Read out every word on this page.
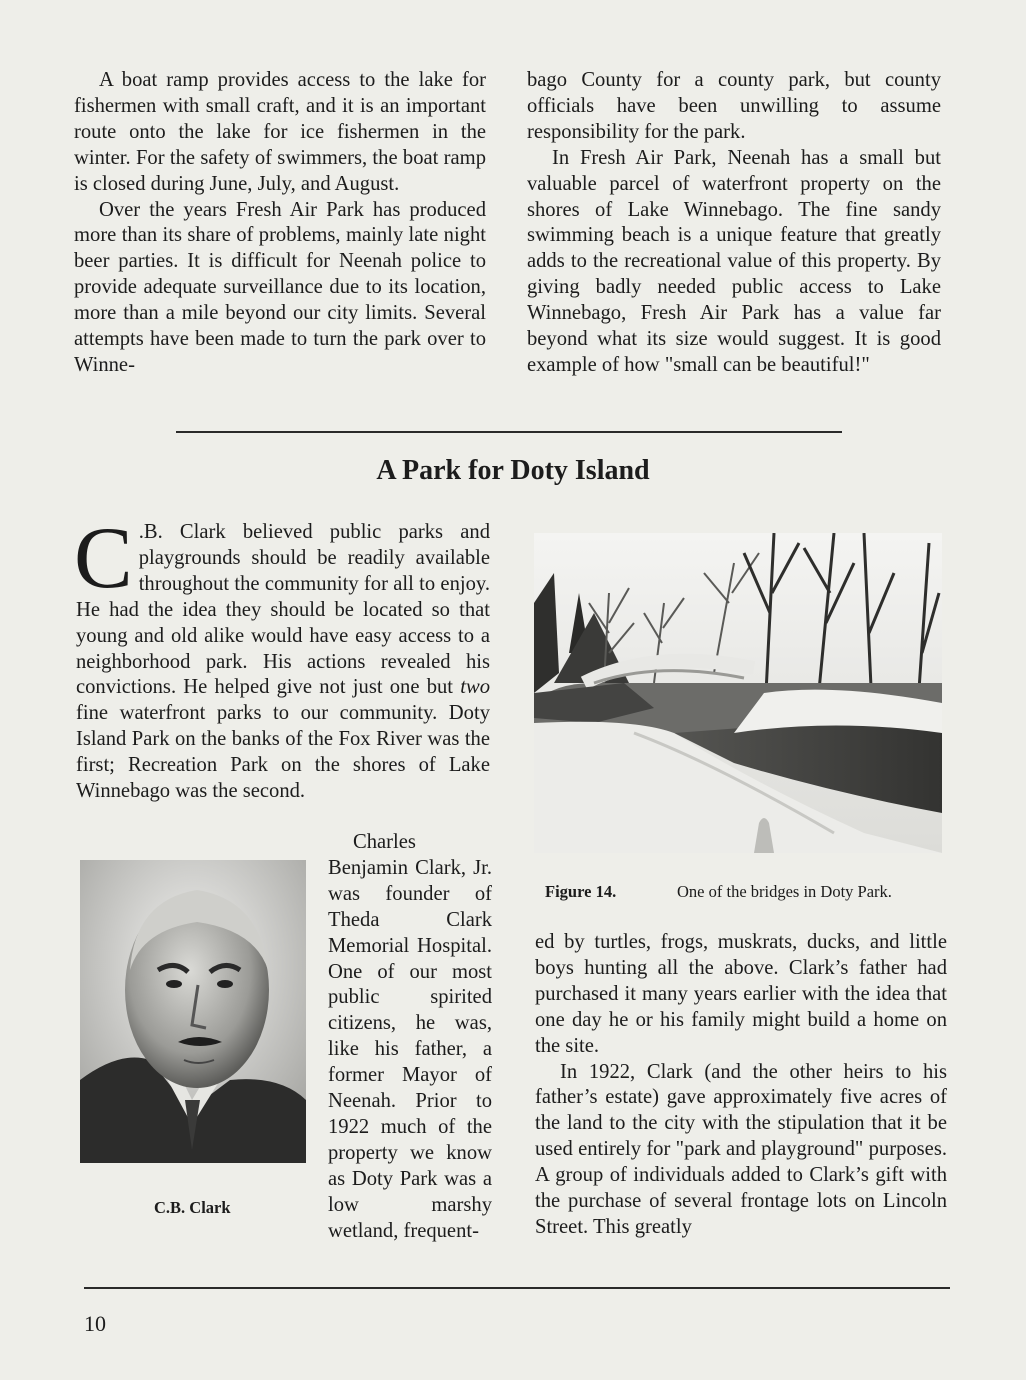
A boat ramp provides access to the lake for fishermen with small craft, and it is an important route onto the lake for ice fishermen in the winter. For the safety of swimmers, the boat ramp is closed during June, July, and August.

Over the years Fresh Air Park has produced more than its share of problems, mainly late night beer parties. It is difficult for Neenah police to provide adequate surveillance due to its location, more than a mile beyond our city limits. Several attempts have been made to turn the park over to Winne-

bago County for a county park, but county officials have been unwilling to assume responsibility for the park.

In Fresh Air Park, Neenah has a small but valuable parcel of waterfront property on the shores of Lake Winnebago. The fine sandy swimming beach is a unique feature that greatly adds to the recreational value of this property. By giving badly needed public access to Lake Winnebago, Fresh Air Park has a value far beyond what its size would suggest. It is good example of how "small can be beautiful!"

A Park for Doty Island

C .B. Clark believed public parks and playgrounds should be readily available throughout the community for all to enjoy. He had the idea they should be located so that young and old alike would have easy access to a neighborhood park. His actions revealed his convictions. He helped give not just one but two fine waterfront parks to our community. Doty Island Park on the banks of the Fox River was the first; Recreation Park on the shores of Lake Winnebago was the second.

C.B. Clark

Charles Benjamin Clark, Jr. was founder of Theda Clark Memorial Hospital. One of our most public spirited citizens, he was, like his father, a former Mayor of Neenah. Prior to 1922 much of the property we know as Doty Park was a low marshy wetland, frequent-

Figure 14.	One of the bridges in Doty Park.

ed by turtles, frogs, muskrats, ducks, and little boys hunting all the above. Clark’s father had purchased it many years earlier with the idea that one day he or his family might build a home on the site.

In 1922, Clark (and the other heirs to his father’s estate) gave approximately five acres of the land to the city with the stipulation that it be used entirely for "park and playground" purposes. A group of individuals added to Clark’s gift with the purchase of several frontage lots on Lincoln Street. This greatly

10
